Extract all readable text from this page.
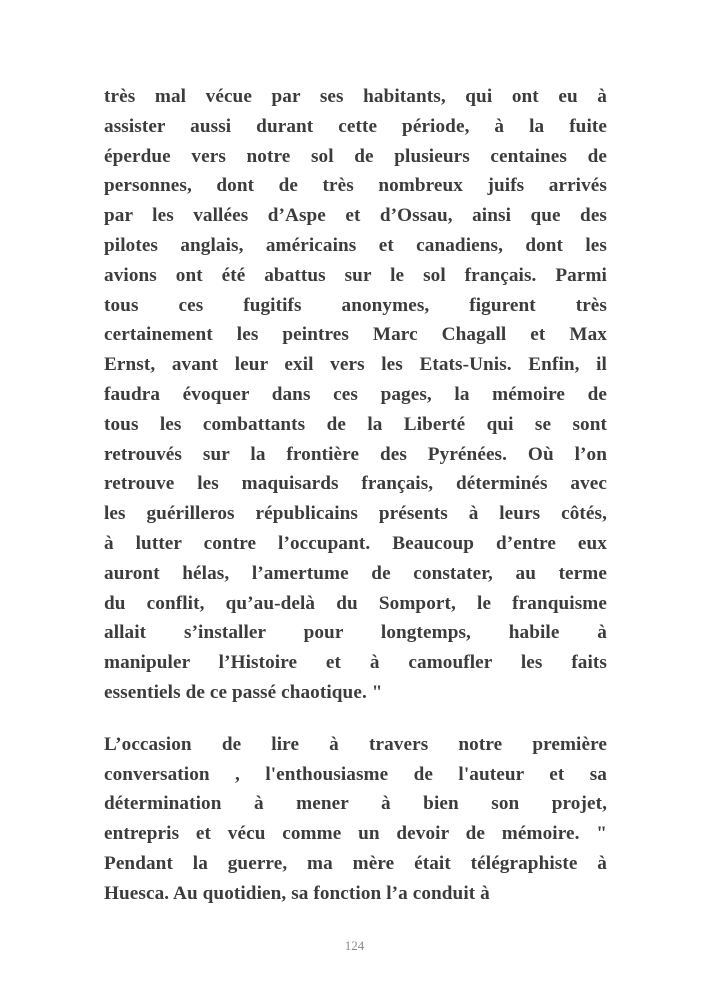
très mal vécue par ses habitants, qui ont eu à
assister aussi durant cette période, à la fuite
éperdue vers notre sol de plusieurs centaines de
personnes, dont de très nombreux juifs arrivés
par les vallées d’Aspe et d’Ossau, ainsi que des
pilotes anglais, américains et canadiens, dont les
avions ont été abattus sur le sol français. Parmi
tous ces fugitifs anonymes, figurent très
certainement les peintres Marc Chagall et Max
Ernst, avant leur exil vers les Etats-Unis. Enfin, il
faudra évoquer dans ces pages, la mémoire de
tous les combattants de la Liberté qui se sont
retrouvés sur la frontière des Pyrénées. Où l’on
retrouve les maquisards français, déterminés avec
les guérilleros républicains présents à leurs côtés,
à lutter contre l’occupant. Beaucoup d’entre eux
auront hélas, l’amertume de constater, au terme
du conflit, qu’au-delà du Somport, le franquisme
allait s’installer pour longtemps, habile à
manipuler l’Histoire et à camoufler les faits
essentiels de ce passé chaotique. "
L’occasion de lire à travers notre première
conversation , l'enthousiasme de l'auteur et sa
détermination à mener à bien son projet,
entrepris et vécu comme un devoir de mémoire. "
Pendant la guerre, ma mère était télégraphiste à
Huesca. Au quotidien, sa fonction l’a conduit à
124
